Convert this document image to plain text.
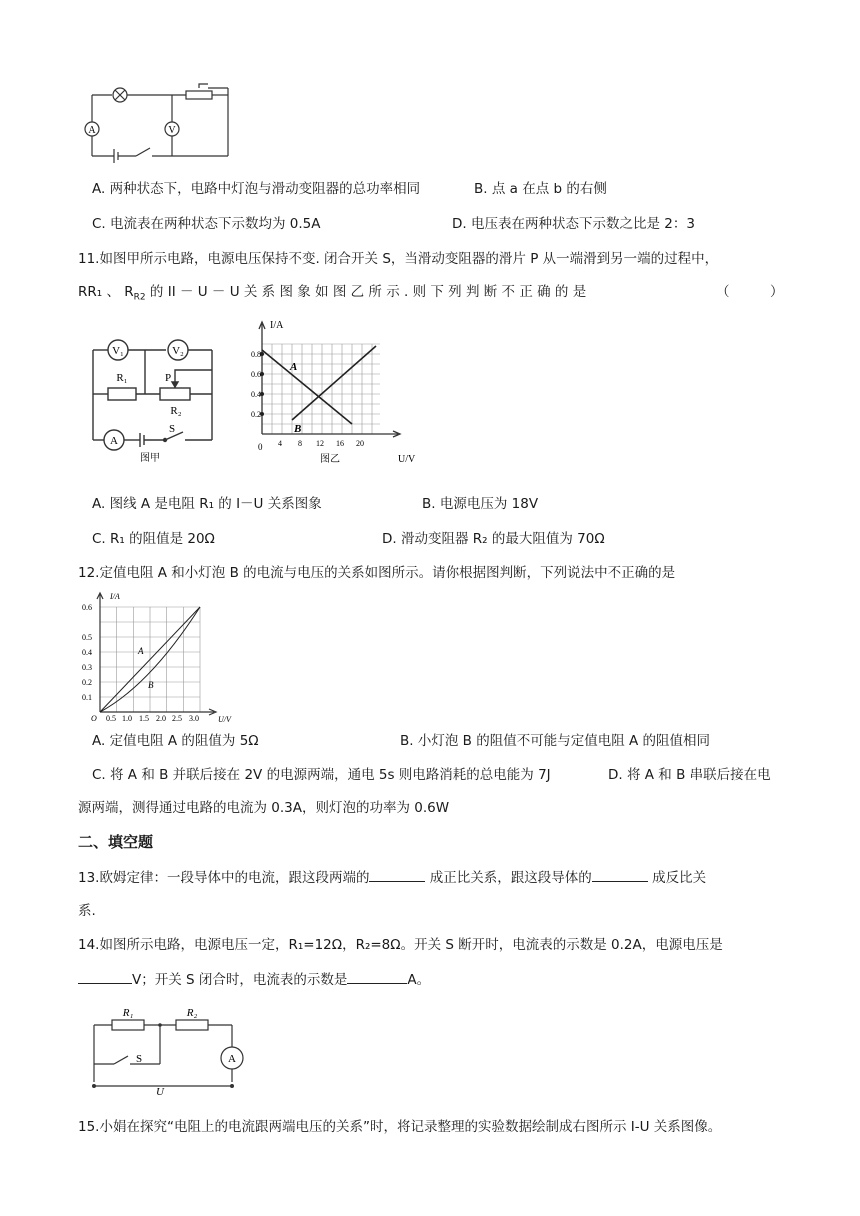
A	V
A. 两种状态下，电路中灯泡与滑动变阻器的总功率相同	B. 点 a 在点 b 的右侧
C. 电流表在两种状态下示数均为 0.5A	D. 电压表在两种状态下示数之比是 2：3
11.如图甲所示电路，电源电压保持不变. 闭合开关 S，当滑动变阻器的滑片 P 从一端滑到另一端的过程中，
RR₁ 、 $R_{R2}$ 的 II － U － U 关 系 图 象 如 图 乙 所 示 . 则 下 列 判 断 不 正 确 的 是	（　　　）
V₁	V₂
R₁	P
R₂
A
S
图甲
I/A
U/V
0
0.2
0.4
0.6
0.8
4 8 12 16 20
A
B
图乙
A. 图线 A 是电阻 R₁ 的 I－U 关系图象	B. 电源电压为 18V
C. R₁ 的阻值是 20Ω	D. 滑动变阻器 R₂ 的最大阻值为 70Ω
12.定值电阻 A 和小灯泡 B 的电流与电压的关系如图所示。请你根据图判断，下列说法中不正确的是
I/A
U/V
O
0.1
0.2
0.3
0.4
0.5
0.6
0.5 1.0 1.5 2.0 2.5 3.0
A
B
A. 定值电阻 A 的阻值为 5Ω	B. 小灯泡 B 的阻值不可能与定值电阻 A 的阻值相同
C. 将 A 和 B 并联后接在 2V 的电源两端，通电 5s 则电路消耗的总电能为 7J	D. 将 A 和 B 串联后接在电
源两端，测得通过电路的电流为 0.3A，则灯泡的功率为 0.6W
二、填空题
13.欧姆定律：一段导体中的电流，跟这段两端的	成正比关系，跟这段导体的	成反比关
系.
14.如图所示电路，电源电压一定，R₁=12Ω，R₂=8Ω。开关 S 断开时，电流表的示数是 0.2A，电源电压是
V；开关 S 闭合时，电流表的示数是	A。
R₁	R₂
S	A
U
15.小娟在探究“电阻上的电流跟两端电压的关系”时，将记录整理的实验数据绘制成右图所示 I-U 关系图像。
